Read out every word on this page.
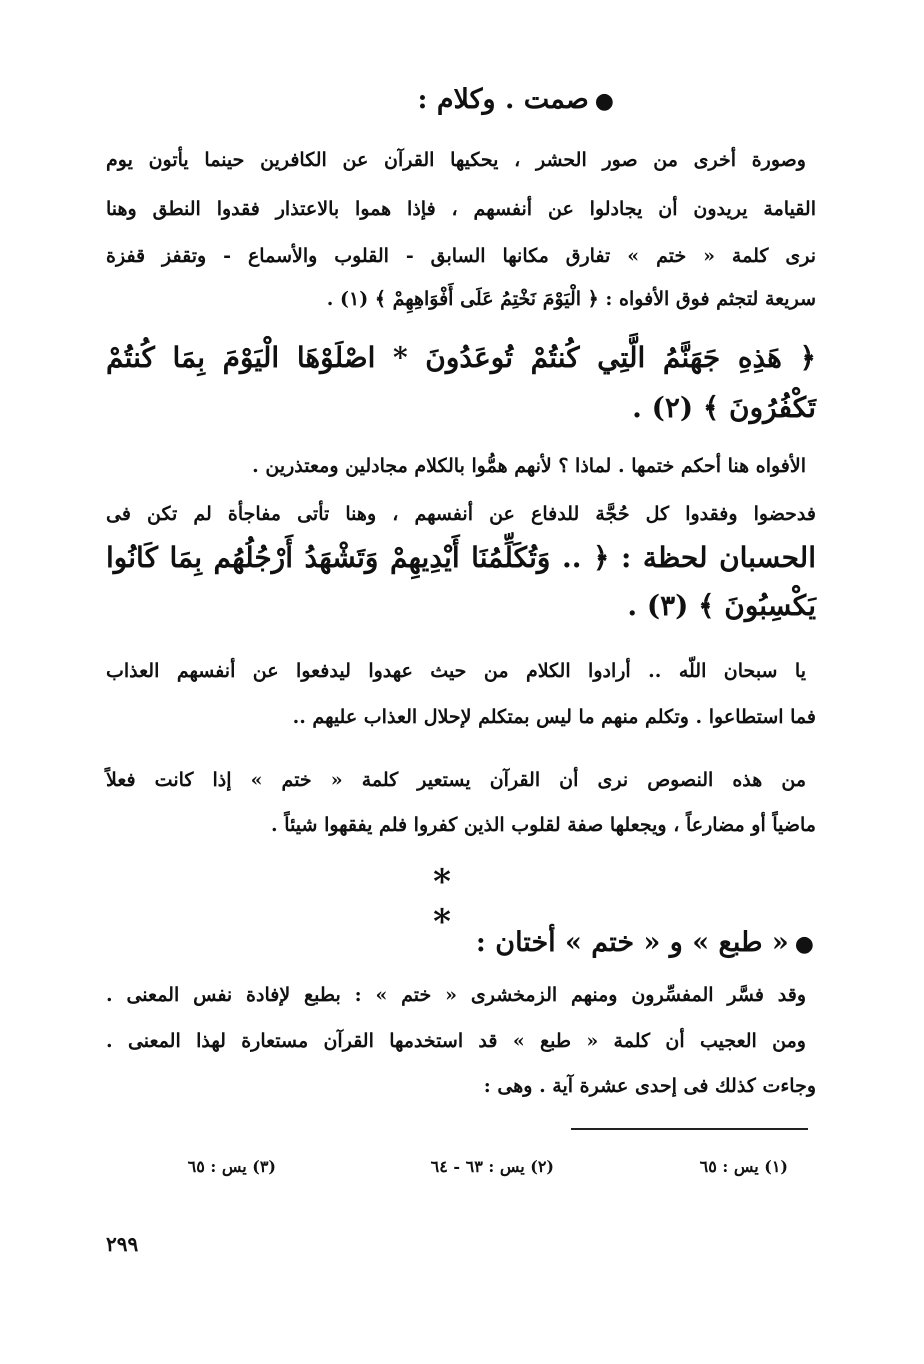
●صمت . وكلام :

وصورة أخرى من صور الحشر ، يحكيها القرآن عن الكافرين حينما يأتون يوم

القيامة يريدون أن يجادلوا عن أنفسهم ، فإذا هموا بالاعتذار فقدوا النطق وهنا

نرى كلمة « ختم » تفارق مكانها السابق - القلوب والأسماع - وتقفز قفزة

سريعة لتجثم فوق الأفواه : ﴿ الْيَوْمَ نَخْتِمُ عَلَى أَفْوَاهِهِمْ ﴾ (١) .

﴿ هَذِهِ جَهَنَّمُ الَّتِي كُنتُمْ تُوعَدُونَ * اصْلَوْهَا الْيَوْمَ بِمَا كُنتُمْ

تَكْفُرُونَ ﴾ (٢) .

الأفواه هنا أحكم ختمها . لماذا ؟ لأنهم همُّوا بالكلام مجادلين ومعتذرين .

فدحضوا وفقدوا كل حُجَّة للدفاع عن أنفسهم ، وهنا تأتى مفاجأة لم تكن فى

الحسبان لحظة : ﴿ .. وَتُكَلِّمُنَا أَيْدِيهِمْ وَتَشْهَدُ أَرْجُلُهُم بِمَا كَانُوا

يَكْسِبُونَ ﴾ (٣) .

يا سبحان اللّه .. أرادوا الكلام من حيث عهدوا ليدفعوا عن أنفسهم العذاب

فما استطاعوا . وتكلم منهم ما ليس بمتكلم لإحلال العذاب عليهم ..

من هذه النصوص نرى أن القرآن يستعير كلمة « ختم » إذا كانت فعلاً

ماضياً أو مضارعاً ، ويجعلها صفة لقلوب الذين كفروا فلم يفقهوا شيئاً .

* *

●« طبع » و « ختم » أختان :

وقد فسَّر المفسِّرون ومنهم الزمخشرى « ختم » : بطبع لإفادة نفس المعنى .

ومن العجيب أن كلمة « طبع » قد استخدمها القرآن مستعارة لهذا المعنى .

وجاءت كذلك فى إحدى عشرة آية . وهى :

(١) يس : ٦٥
(٢) يس : ٦٣ - ٦٤
(٣) يس : ٦٥
٢٩٩
